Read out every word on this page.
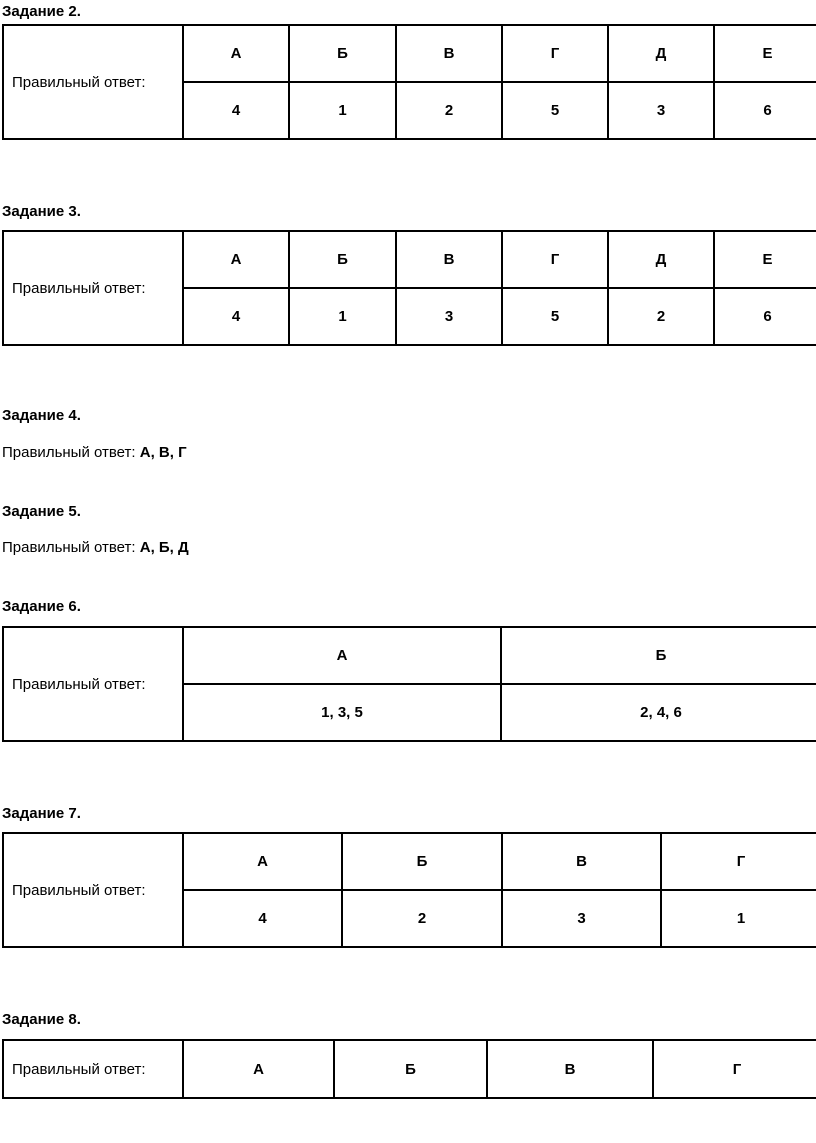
Задание 2.
Правильный ответ:	А	Б	В	Г	Д	Е
	4	1	2	5	3	6
Задание 3.
Правильный ответ:	А	Б	В	Г	Д	Е
	4	1	3	5	2	6
Задание 4.
Правильный ответ: А, В, Г
Задание 5.
Правильный ответ: А, Б, Д
Задание 6.
Правильный ответ:	А	Б
	1, 3, 5	2, 4, 6
Задание 7.
Правильный ответ:	А	Б	В	Г
	4	2	3	1
Задание 8.
Правильный ответ:	А	Б	В	Г
